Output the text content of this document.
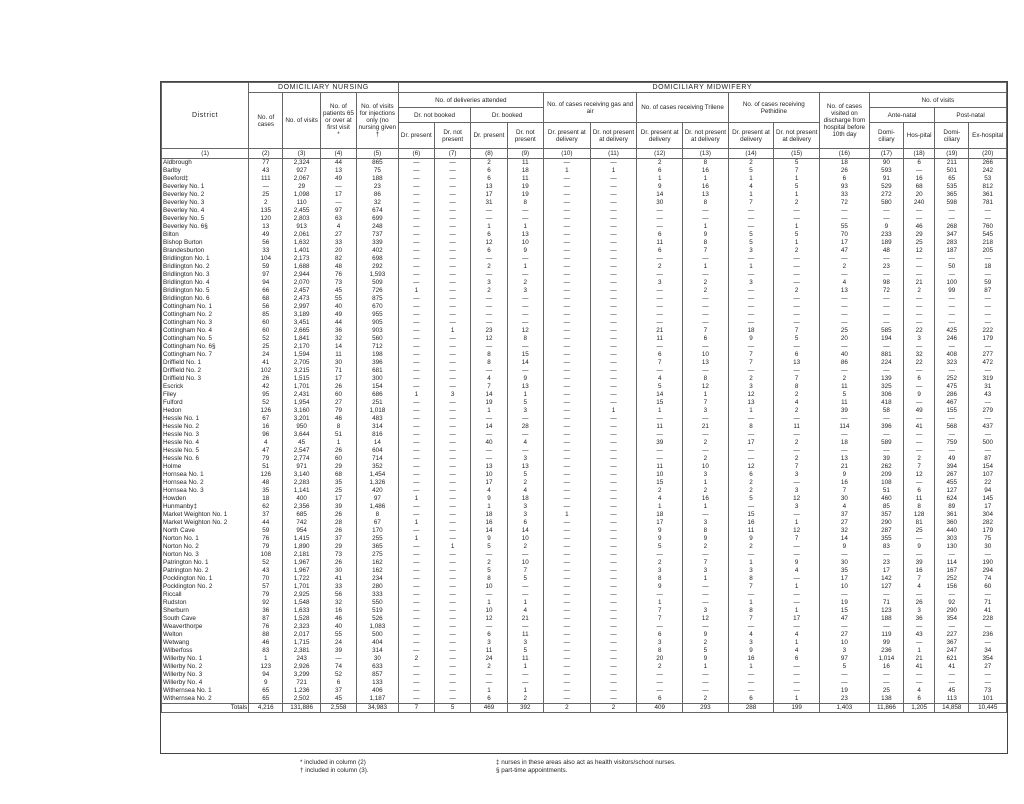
District	DOMICILIARY NURSING				DOMICILIARY MIDWIFERY														
	No. of cases	No. of visits	No. of patients 65 or over at first visit
*	No. of visits for injections only (no nursing given
†	No. of deliveries attended				No. of cases receiving gas and air		No. of cases receiving Trilene		No. of cases receiving Pethidine		No. of cases visited on discharge from hospital before 10th day	No. of visits			
					Dr. not booked		Dr. booked									Ante-natal		Post-natal	
					Dr. present	Dr. not present	Dr. present	Dr. not present	Dr. present at delivery	Dr. not present at delivery	Dr. present at delivery	Dr. not present at delivery	Dr. present at delivery	Dr. not present at delivery		Domi-ciliary	Hos-pital	Domi-ciliary	Ex-hospital
(1)	(2)	(3)	(4)	(5)	(6)	(7)	(8)	(9)	(10)	(11)	(12)	(13)	(14)	(15)	(16)	(17)	(18)	(19)	(20)
Aldbrough	77	2,324	44	865	—	—	2	11	—	—	2	8	2	5	18	90	6	211	266
Barlby	43	927	13	75	—	—	6	18	1	1	6	16	5	7	26	593	—	501	242
Beeford‡	111	2,067	49	188	—	—	6	11	—	—	1	1	1	1	6	91	16	65	53
Beverley No. 1	—	29	—	23	—	—	13	19	—	—	9	16	4	5	93	529	68	535	812
Beverley No. 2	25	1,098	17	86	—	—	17	19	—	—	14	13	1	1	33	272	20	365	361
Beverley No. 3	2	110	—	32	—	—	31	8	—	—	30	8	7	2	72	580	240	598	781
Beverley No. 4	135	2,455	97	674	—	—	—	—	—	—	—	—	—	—	—	—	—	—	—
Beverley No. 5	120	2,803	63	699	—	—	—	—	—	—	—	—	—	—	—	—	—	—	—
Beverley No. 6§	13	913	4	248	—	—	1	1	—	—	—	1	—	1	55	9	46	268	760
Bilton	49	2,061	27	737	—	—	6	13	—	—	6	9	5	5	70	233	29	347	545
Bishop Burton	56	1,632	33	339	—	—	12	10	—	—	11	8	5	1	17	189	25	283	218
Brandesburton	33	1,401	20	402	—	—	6	9	—	—	6	7	3	2	47	48	12	187	205
Bridlington No. 1	104	2,173	82	698	—	—	—	—	—	—	—	—	—	—	—	—	—	—	—
Bridlington No. 2	59	1,688	48	292	—	—	2	1	—	—	2	1	1	—	2	23	—	50	18
Bridlington No. 3	97	2,944	76	1,593	—	—	—	—	—	—	—	—	—	—	—	—	—	—	—
Bridlington No. 4	94	2,070	73	509	—	—	3	2	—	—	3	2	3	—	4	98	21	100	59
Bridlington No. 5	66	2,457	45	726	1	—	2	3	—	—	—	2	—	2	13	72	2	99	87
Bridlington No. 6	68	2,473	55	875	—	—	—	—	—	—	—	—	—	—	—	—	—	—	—
Cottingham No. 1	56	2,997	40	670	—	—	—	—	—	—	—	—	—	—	—	—	—	—	—
Cottingham No. 2	85	3,189	49	955	—	—	—	—	—	—	—	—	—	—	—	—	—	—	—
Cottingham No. 3	60	3,451	44	905	—	—	—	—	—	—	—	—	—	—	—	—	—	—	—
Cottingham No. 4	60	2,665	36	903	—	1	23	12	—	—	21	7	18	7	25	585	22	425	222
Cottingham No. 5	52	1,841	32	560	—	—	12	8	—	—	11	6	9	5	20	194	3	246	179
Cottingham No. 6§	25	2,170	14	712	—	—	—	—	—	—	—	—	—	—	—	—	—	—	—
Cottingham No. 7	24	1,594	11	198	—	—	8	15	—	—	6	10	7	6	40	881	32	408	277
Driffield No. 1	41	2,705	30	396	—	—	8	14	—	—	7	13	7	13	86	224	22	323	472
Driffield No. 2	102	3,215	71	681	—	—	—	—	—	—	—	—	—	—	—	—	—	—	—
Driffield No. 3	26	1,515	17	300	—	—	4	9	—	—	4	8	2	7	2	139	6	252	319
Escrick	42	1,701	26	154	—	—	7	13	—	—	5	12	3	8	11	325	—	475	31
Filey	95	2,431	60	686	1	3	14	1	—	—	14	1	12	2	5	306	9	286	43
Fulford	52	1,954	27	251	—	—	19	5	—	—	15	7	13	4	11	418	—	467	—
Hedon	126	3,160	79	1,018	—	—	1	3	—	1	1	3	1	2	39	58	49	155	279
Hessle No. 1	67	3,201	46	483	—	—	—	—	—	—	—	—	—	—	—	—	—	—	—
Hessle No. 2	16	950	8	314	—	—	14	28	—	—	11	21	8	11	114	396	41	568	437
Hessle No. 3	96	3,644	51	816	—	—	—	—	—	—	—	—	—	—	—	—	—	—	—
Hessle No. 4	4	45	1	14	—	—	40	4	—	—	39	2	17	2	18	589	—	759	500
Hessle No. 5	47	2,547	26	604	—	—	—	—	—	—	—	—	—	—	—	—	—	—	—
Hessle No. 6	79	2,774	60	714	—	—	—	3	—	—	—	2	—	2	13	39	2	49	87
Holme	51	971	29	352	—	—	13	13	—	—	11	10	12	7	21	262	7	394	154
Hornsea No. 1	126	3,140	68	1,454	—	—	10	5	—	—	10	3	6	3	9	209	12	267	107
Hornsea No. 2	48	2,283	35	1,326	—	—	17	2	—	—	15	1	2	—	16	108	—	455	22
Hornsea No. 3	35	1,141	25	420	—	—	4	4	—	—	2	2	2	3	7	51	6	127	94
Howden	18	400	17	97	1	—	9	18	—	—	4	16	5	12	30	460	11	624	145
Hunmanby‡	62	2,356	39	1,486	—	—	1	3	—	—	1	1	—	3	4	85	8	89	17
Market Weighton No. 1	37	685	26	8	—	—	18	3	1	—	18	—	15	—	37	357	128	361	304
Market Weighton No. 2	44	742	28	67	1	—	16	6	—	—	17	3	16	1	27	290	81	360	282
North Cave	59	954	26	170	—	—	14	14	—	—	9	8	11	12	32	287	25	440	179
Norton No. 1	76	1,415	37	255	1	—	9	10	—	—	9	9	9	7	14	355	—	303	75
Norton No. 2	79	1,890	29	365	—	1	5	2	—	—	5	2	2	—	9	83	9	130	30
Norton No. 3	108	2,181	73	275	—	—	—	—	—	—	—	—	—	—	—	—	—	—	—
Patrington No. 1	52	1,967	26	162	—	—	2	10	—	—	2	7	1	9	30	23	39	114	190
Patrington No. 2	43	1,967	30	162	—	—	5	7	—	—	3	3	3	4	35	17	16	167	294
Pocklington No. 1	70	1,722	41	234	—	—	8	5	—	—	8	1	8	—	17	142	7	252	74
Pocklington No. 2	57	1,701	33	280	—	—	10	—	—	—	9	—	7	1	10	127	4	156	60
Riccall	79	2,925	56	333	—	—	—	—	—	—	—	—	—	—	—	—	—	—	—
Rudston	92	1,548	32	550	—	—	1	1	—	—	1	—	1	—	19	71	26	92	71
Sherburn	36	1,633	16	519	—	—	10	4	—	—	7	3	8	1	15	123	3	290	41
South Cave	87	1,528	46	526	—	—	12	21	—	—	7	12	7	17	47	188	36	354	228
Weaverthorpe	76	2,323	40	1,083	—	—	—	—	—	—	—	—	—	—	—	—	—	—	—
Welton	88	2,017	55	500	—	—	6	11	—	—	6	9	4	4	27	119	43	227	236
Wetwang	46	1,715	24	404	—	—	3	3	—	—	3	2	3	1	10	99	—	367	—
Wilberfoss	83	2,381	39	314	—	—	11	5	—	—	8	5	9	4	3	236	1	247	34
Willerby No. 1	1	243	—	30	2	—	24	11	—	—	20	9	16	6	97	1,014	21	621	354
Willerby No. 2	123	2,926	74	633	—	—	2	1	—	—	2	1	1	—	5	16	41	41	27
Willerby No. 3	94	3,299	52	857	—	—	—	—	—	—	—	—	—	—	—	—	—	—	—
Willerby No. 4	9	721	6	133	—	—	—	—	—	—	—	—	—	—	—	—	—	—	—
Withernsea No. 1	65	1,236	37	406	—	—	1	1	—	—	—	—	—	—	19	25	4	45	73
Withernsea No. 2	65	2,502	45	1,187	—	—	6	2	—	—	6	2	6	1	23	138	6	113	101
Totals	4,216	131,886	2,558	34,983	7	5	469	392	2	2	409	293	288	199	1,403	11,866	1,205	14,858	10,445
* included in column (2)
† included in column (3).
‡ nurses in these areas also act as health visitors/school nurses.
§ part-time appointments.
